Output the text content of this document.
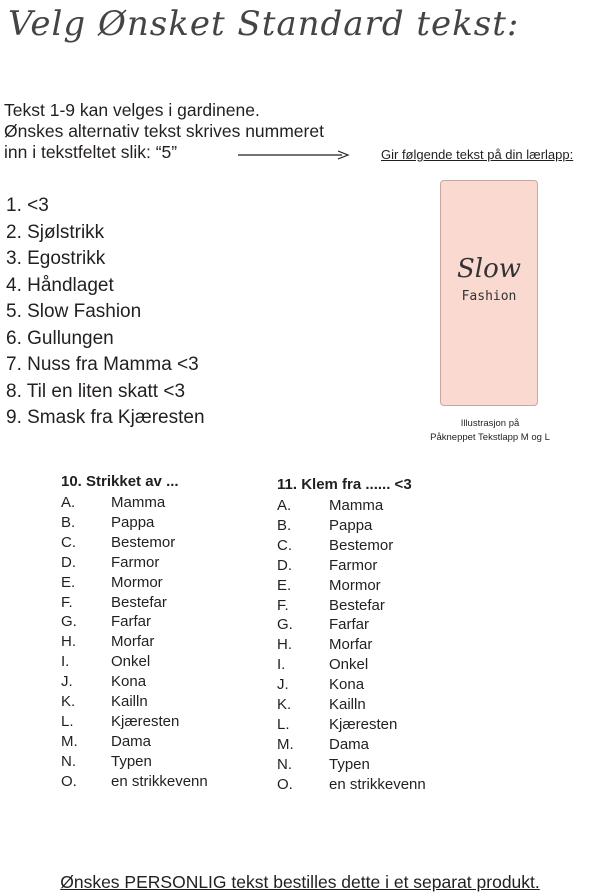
Velg Ønsket Standard tekst:
Tekst 1-9 kan velges i gardinene.
Ønskes alternativ tekst skrives nummeret
inn i tekstfeltet slik: “5”	Gir følgende tekst på din lærlapp:
1. <3
2. Sjølstrikk
3. Egostrikk
4. Håndlaget
5. Slow Fashion
6. Gullungen
7. Nuss fra Mamma <3
8. Til en liten skatt <3
9. Smask fra Kjæresten
Slow
Fashion
Illustrasjon på
Påkneppet Tekstlapp M og L
10. Strikket av ...
A.	Mamma
B.	Pappa
C.	Bestemor
D.	Farmor
E.	Mormor
F.	Bestefar
G.	Farfar
H.	Morfar
I.	Onkel
J.	Kona
K.	Kailln
L.	Kjæresten
M.	Dama
N.	Typen
O.	en strikkevenn
11. Klem fra ...... <3
A.	Mamma
B.	Pappa
C.	Bestemor
D.	Farmor
E.	Mormor
F.	Bestefar
G.	Farfar
H.	Morfar
I.	Onkel
J.	Kona
K.	Kailln
L.	Kjæresten
M.	Dama
N.	Typen
O.	en strikkevenn
Ønskes PERSONLIG tekst bestilles dette i et separat produkt.
